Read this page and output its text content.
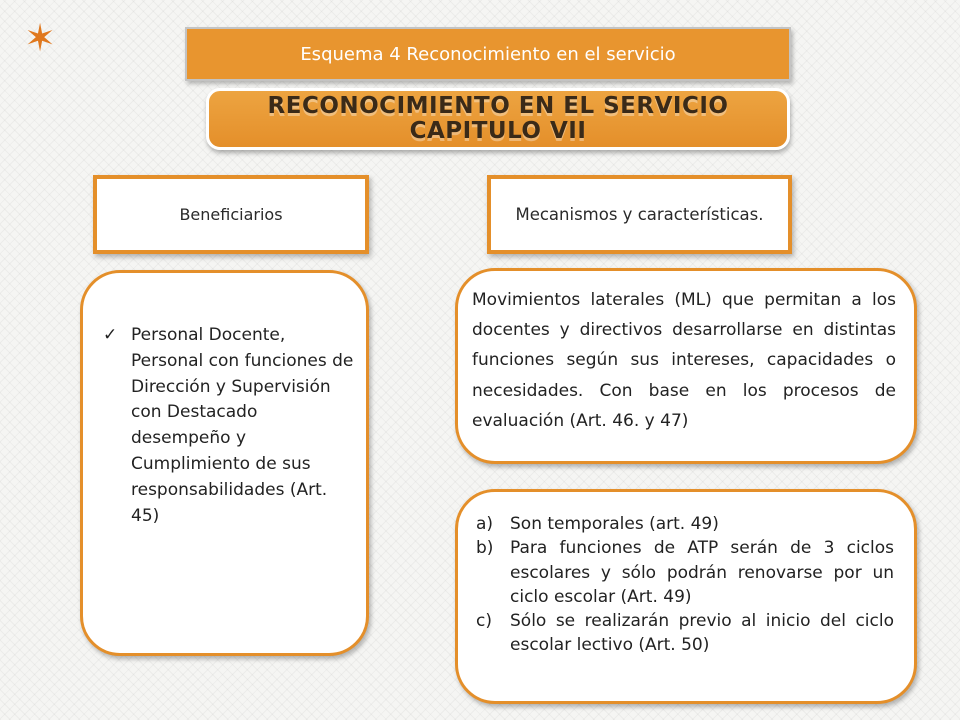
✶	Esquema 4 Reconocimiento en el servicio
RECONOCIMIENTO EN EL SERVICIO
CAPITULO VII
Beneficiarios	Mecanismos y características.
✓ Personal Docente, Personal con funciones de Dirección y Supervisión con Destacado desempeño y Cumplimiento de sus responsabilidades (Art. 45)

Movimientos laterales (ML) que permitan a los docentes y directivos desarrollarse en distintas funciones según sus intereses, capacidades o necesidades. Con base en los procesos de evaluación (Art. 46. y 47)

a) Son temporales (art. 49)
b) Para funciones de ATP serán de 3 ciclos escolares y sólo podrán renovarse por un ciclo escolar (Art. 49)
c) Sólo se realizarán previo al inicio del ciclo escolar lectivo (Art. 50)
